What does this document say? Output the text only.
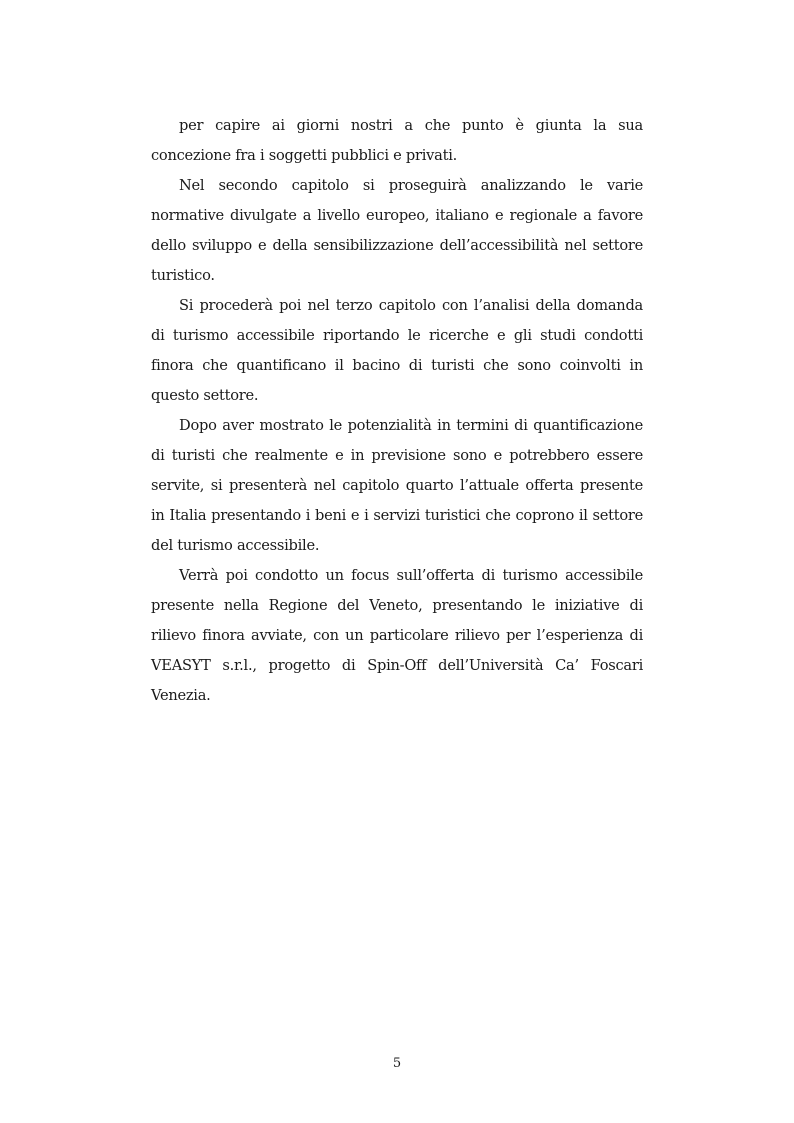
per capire ai giorni nostri a che punto è giunta la sua concezione fra i soggetti pubblici e privati.

Nel secondo capitolo si proseguirà analizzando le varie normative divulgate a livello europeo, italiano e regionale a favore dello sviluppo e della sensibilizzazione dell’accessibilità nel settore turistico.

Si procederà poi nel terzo capitolo con l’analisi della domanda di turismo accessibile riportando le ricerche e gli studi condotti finora che quantificano il bacino di turisti che sono coinvolti in questo settore.

Dopo aver mostrato le potenzialità in termini di quantificazione di turisti che realmente e in previsione sono e potrebbero essere servite, si presenterà nel capitolo quarto l’attuale offerta presente in Italia presentando i beni e i servizi turistici che coprono il settore del turismo accessibile.

Verrà poi condotto un focus sull’offerta di turismo accessibile presente nella Regione del Veneto, presentando le iniziative di rilievo finora avviate, con un particolare rilievo per l’esperienza di VEASYT s.r.l., progetto di Spin-Off dell’Università Ca’ Foscari Venezia.

5
